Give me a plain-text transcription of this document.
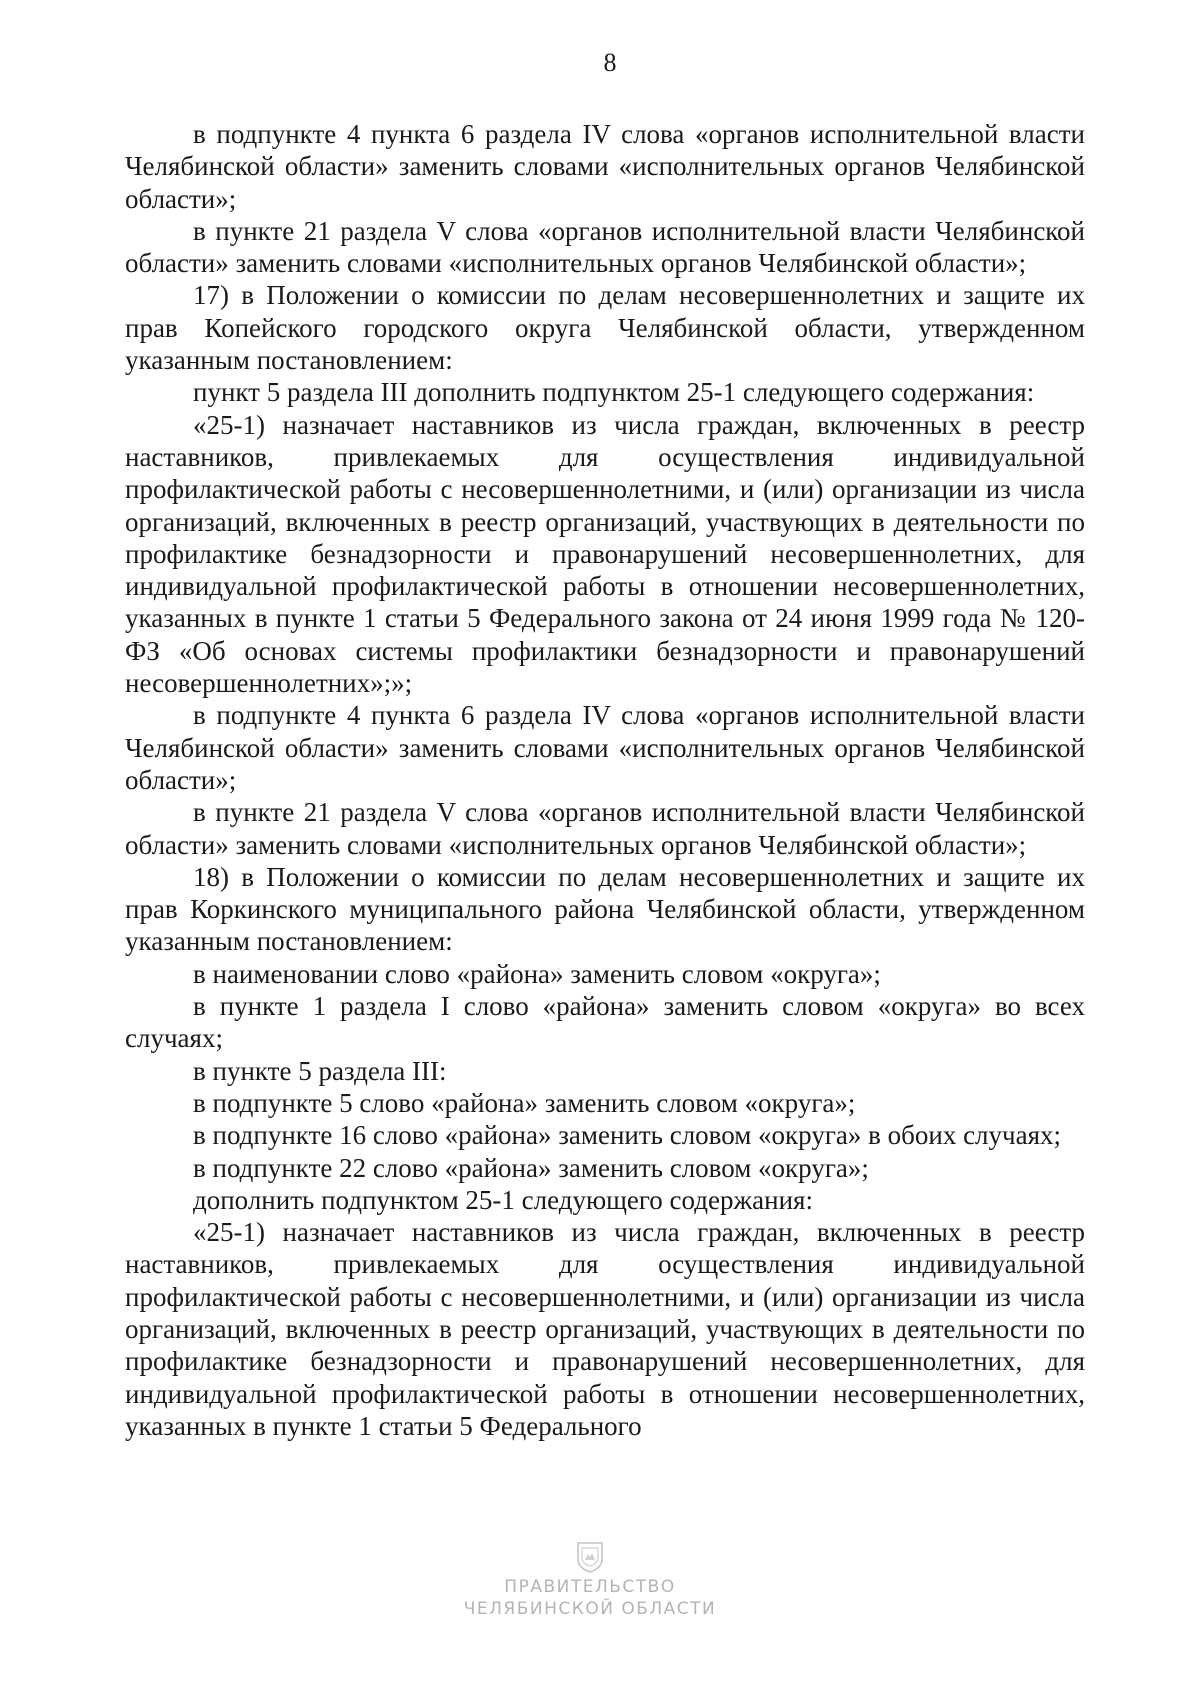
8

в подпункте 4 пункта 6 раздела IV слова «органов исполнительной власти Челябинской области» заменить словами «исполнительных органов Челябинской области»;

в пункте 21 раздела V слова «органов исполнительной власти Челябинской области» заменить словами «исполнительных органов Челябинской области»;

17) в Положении о комиссии по делам несовершеннолетних и защите их прав Копейского городского округа Челябинской области, утвержденном указанным постановлением:

пункт 5 раздела III дополнить подпунктом 25-1 следующего содержания:

«25-1) назначает наставников из числа граждан, включенных в реестр наставников, привлекаемых для осуществления индивидуальной профилактической работы с несовершеннолетними, и (или) организации из числа организаций, включенных в реестр организаций, участвующих в деятельности по профилактике безнадзорности и правонарушений несовершеннолетних, для индивидуальной профилактической работы в отношении несовершеннолетних, указанных в пункте 1 статьи 5 Федерального закона от 24 июня 1999 года № 120-ФЗ «Об основах системы профилактики безнадзорности и правонарушений несовершеннолетних»;»;

в подпункте 4 пункта 6 раздела IV слова «органов исполнительной власти Челябинской области» заменить словами «исполнительных органов Челябинской области»;

в пункте 21 раздела V слова «органов исполнительной власти Челябинской области» заменить словами «исполнительных органов Челябинской области»;

18) в Положении о комиссии по делам несовершеннолетних и защите их прав Коркинского муниципального района Челябинской области, утвержденном указанным постановлением:

в наименовании слово «района» заменить словом «округа»;

в пункте 1 раздела I слово «района» заменить словом «округа» во всех случаях;

в пункте 5 раздела III:

в подпункте 5 слово «района» заменить словом «округа»;

в подпункте 16 слово «района» заменить словом «округа» в обоих случаях;

в подпункте 22 слово «района» заменить словом «округа»;

дополнить подпунктом 25-1 следующего содержания:

«25-1) назначает наставников из числа граждан, включенных в реестр наставников, привлекаемых для осуществления индивидуальной профилактической работы с несовершеннолетними, и (или) организации из числа организаций, включенных в реестр организаций, участвующих в деятельности по профилактике безнадзорности и правонарушений несовершеннолетних, для индивидуальной профилактической работы в отношении несовершеннолетних, указанных в пункте 1 статьи 5 Федерального

ПРАВИТЕЛЬСТВО
ЧЕЛЯБИНСКОЙ ОБЛАСТИ
